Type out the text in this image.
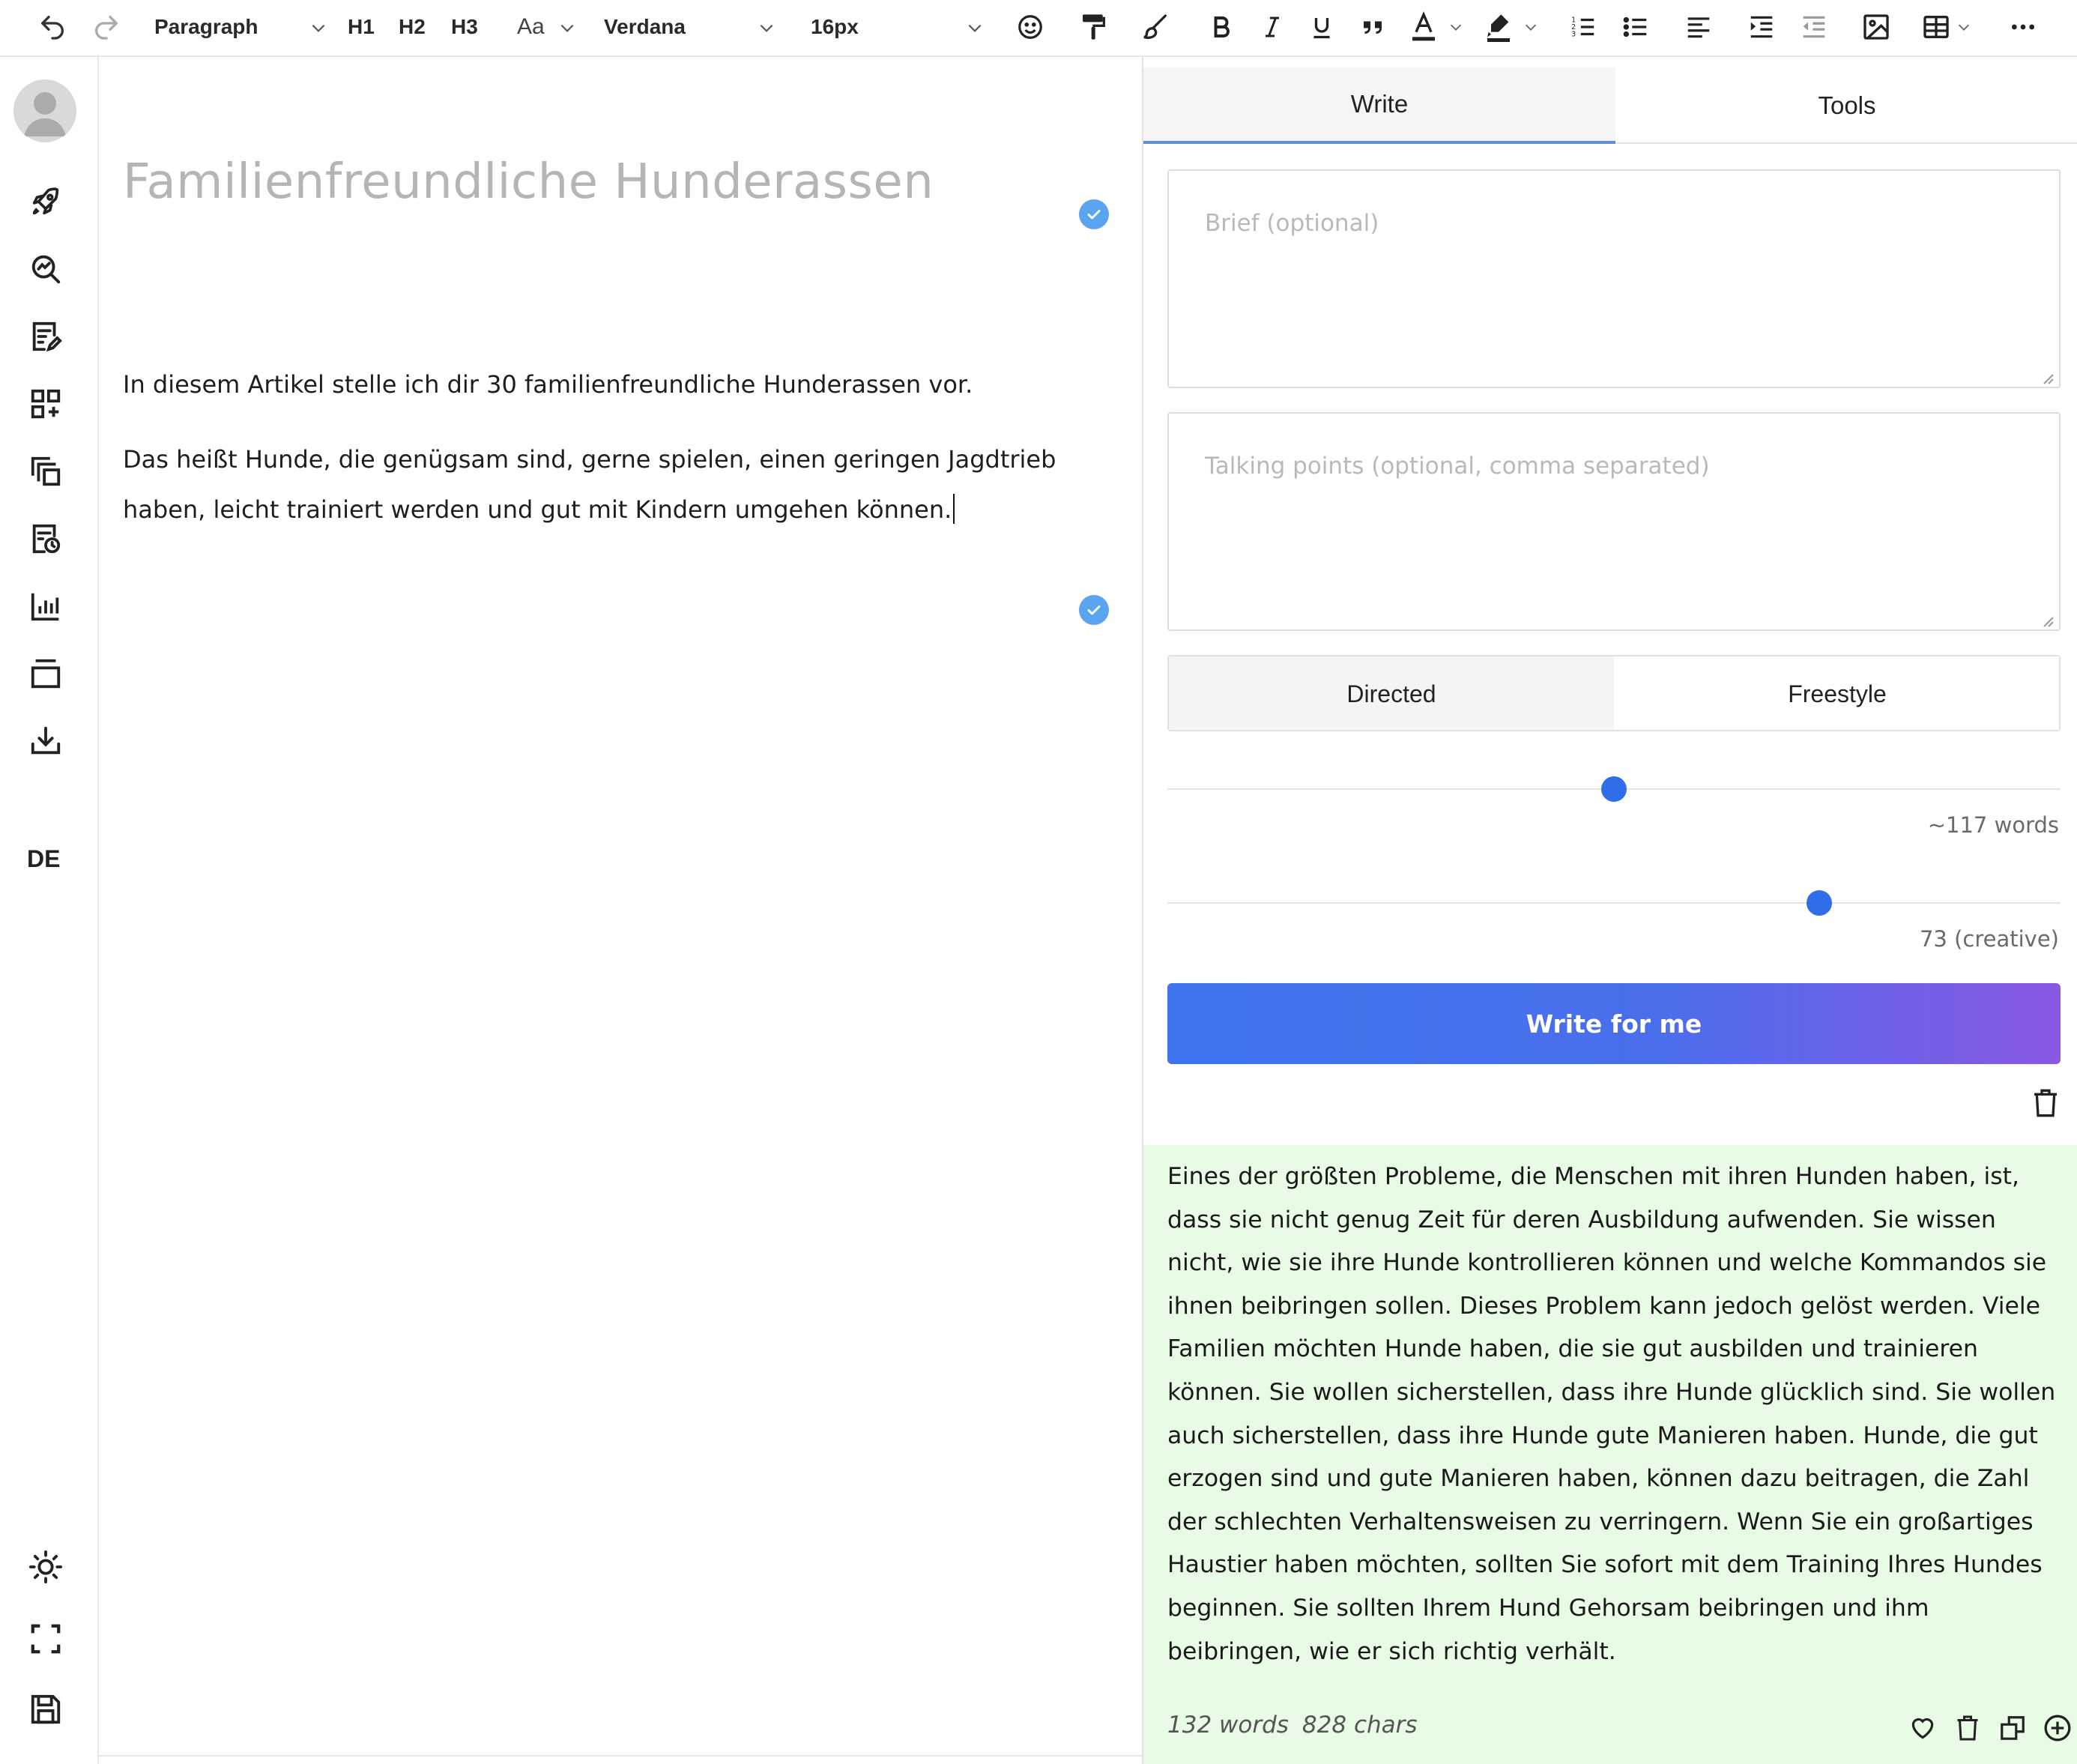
Paragraph	H1 H2 H3 Aa	Verdana	16px	1
2
3
DE
Familienfreundliche Hunderassen
In diesem Artikel stelle ich dir 30 familienfreundliche Hunderassen vor.
Das heißt Hunde, die genügsam sind, gerne spielen, einen geringen Jagdtrieb
haben, leicht trainiert werden und gut mit Kindern umgehen können.
Write	Tools
Brief (optional)
Talking points (optional, comma separated)
Directed	Freestyle
~117 words
73 (creative)
Write for me
Eines der größten Probleme, die Menschen mit ihren Hunden haben, ist, dass sie nicht genug Zeit für deren Ausbildung aufwenden. Sie wissen nicht, wie sie ihre Hunde kontrollieren können und welche Kommandos sie ihnen beibringen sollen. Dieses Problem kann jedoch gelöst werden. Viele Familien möchten Hunde haben, die sie gut ausbilden und trainieren können. Sie wollen sicherstellen, dass ihre Hunde glücklich sind. Sie wollen auch sicherstellen, dass ihre Hunde gute Manieren haben. Hunde, die gut erzogen sind und gute Manieren haben, können dazu beitragen, die Zahl der schlechten Verhaltensweisen zu verringern. Wenn Sie ein großartiges Haustier haben möchten, sollten Sie sofort mit dem Training Ihres Hundes beginnen. Sie sollten Ihrem Hund Gehorsam beibringen und ihm beibringen, wie er sich richtig verhält.
132 words 828 chars
